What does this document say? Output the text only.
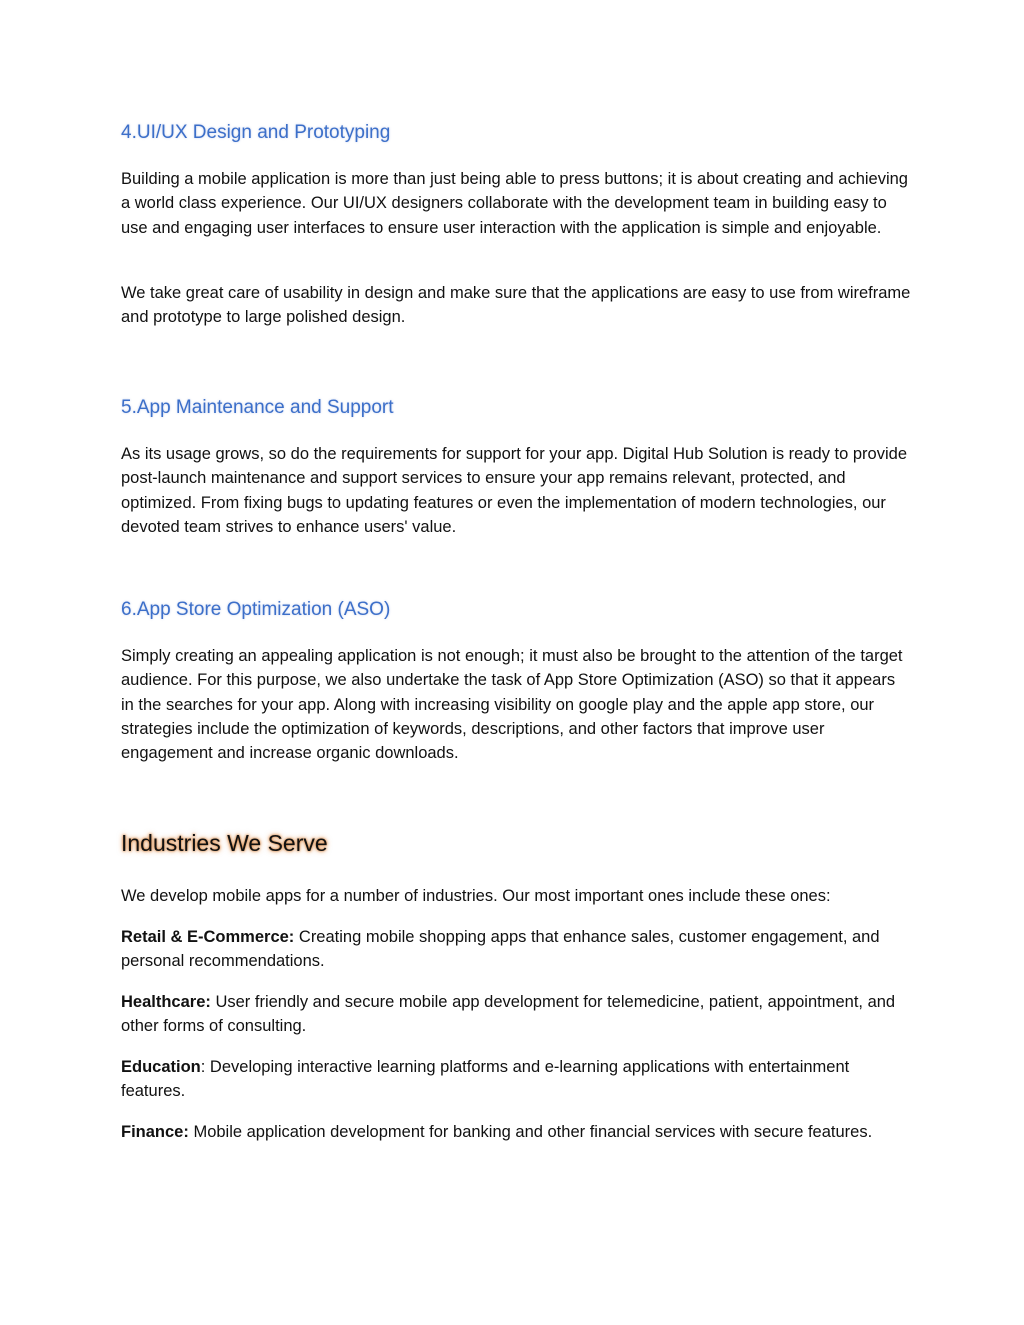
4.UI/UX Design and Prototyping

Building a mobile application is more than just being able to press buttons; it is about creating and achieving a world class experience. Our UI/UX designers collaborate with the development team in building easy to use and engaging user interfaces to ensure user interaction with the application is simple and enjoyable.

We take great care of usability in design and make sure that the applications are easy to use from wireframe and prototype to large polished design.

5.App Maintenance and Support

As its usage grows, so do the requirements for support for your app. Digital Hub Solution is ready to provide post-launch maintenance and support services to ensure your app remains relevant, protected, and optimized. From fixing bugs to updating features or even the implementation of modern technologies, our devoted team strives to enhance users' value.

6.App Store Optimization (ASO)

Simply creating an appealing application is not enough; it must also be brought to the attention of the target audience. For this purpose, we also undertake the task of App Store Optimization (ASO) so that it appears in the searches for your app. Along with increasing visibility on google play and the apple app store, our strategies include the optimization of keywords, descriptions, and other factors that improve user engagement and increase organic downloads.

Industries We Serve

We develop mobile apps for a number of industries. Our most important ones include these ones:

Retail & E-Commerce: Creating mobile shopping apps that enhance sales, customer engagement, and personal recommendations.

Healthcare: User friendly and secure mobile app development for telemedicine, patient, appointment, and other forms of consulting.

Education: Developing interactive learning platforms and e-learning applications with entertainment features.

Finance: Mobile application development for banking and other financial services with secure features.
